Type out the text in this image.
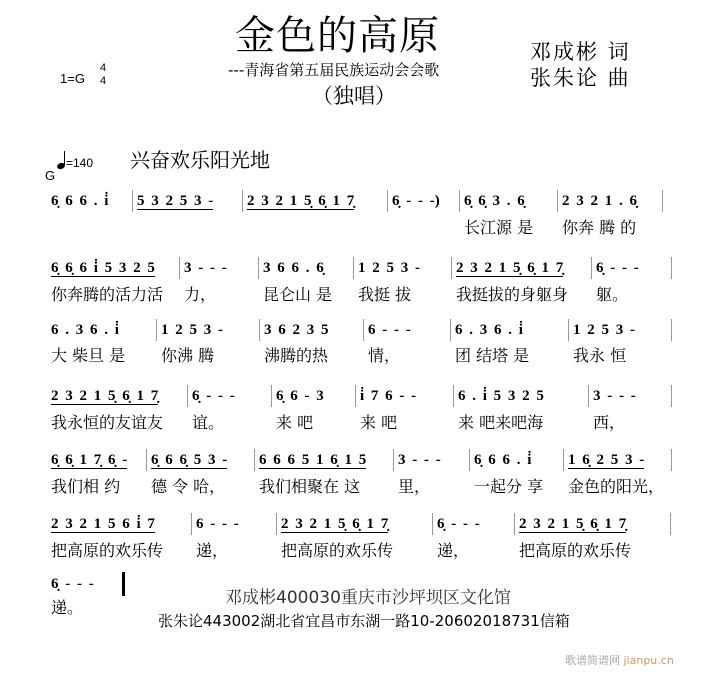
金色的高原
---青海省第五届民族运动会会歌
（独唱）
邓成彬 词
张朱论 曲
1=G
4
4
G
=140 兴奋欢乐阳光地
6̣ 6 6 . i̇	5 3 2 5 3 -	2 3 2 1 5̣ 6̣ 1 7̣	6̣ - - -)	6̣ 6̣ 3 . 6̣	2 3 2 1 . 6̣
长江源 是	你奔 腾 的
6̣ 6̣ 6 i̇ 5 3 2 5	3 - - -	3 6 6 . 6̣	1 2 5 3 -	2 3 2 1 5̣ 6̣ 1 7̣	6̣ - - -
你奔腾的活力活	力，	昆仑山 是	我挺 拔	我挺拔的身躯身	躯。
6 . 3 6 . i̇	1 2 5 3 -	3 6 2 3 5	6 - - -	6 . 3 6 . i̇	1 2 5 3 -
大 柴旦 是	你沸 腾	沸腾的热	情，	团 结塔 是	我永 恒
2 3 2 1 5̣ 6̣ 1 7̣	6̣ - - -	6̣ 6 - 3	i̇ 7 6 - -	6 . i̇ 5 3 2 5	3 - - -
我永恒的友谊友	谊。	来 吧	来 吧	来 吧来吧海	西，
6̣ 6̣ 1 7̣ 6̣ -	6̣ 6 6̣ 5 3 -	6 6 6 5 1 6̣ 1 5	3 - - -	6̣ 6 6 . i̇	1 6̣ 2 5 3 -
我们相 约	德 令 哈，	我们相聚在 这	里，	一起分 享	金色的阳光，
2 3 2 1 5 6 i̇ 7	6 - - -	2 3 2 1 5̣ 6̣ 1 7̣	6̣ - - -	2 3 2 1 5̣ 6̣ 1 7̣
把高原的欢乐传	递，	把高原的欢乐传	递，	把高原的欢乐传
6̣ - - -
递。	邓成彬400030重庆市沙坪坝区文化馆
张朱论443002湖北省宜昌市东湖一路10-20602018731信箱
歌谱简谱网 jianpu.cn
